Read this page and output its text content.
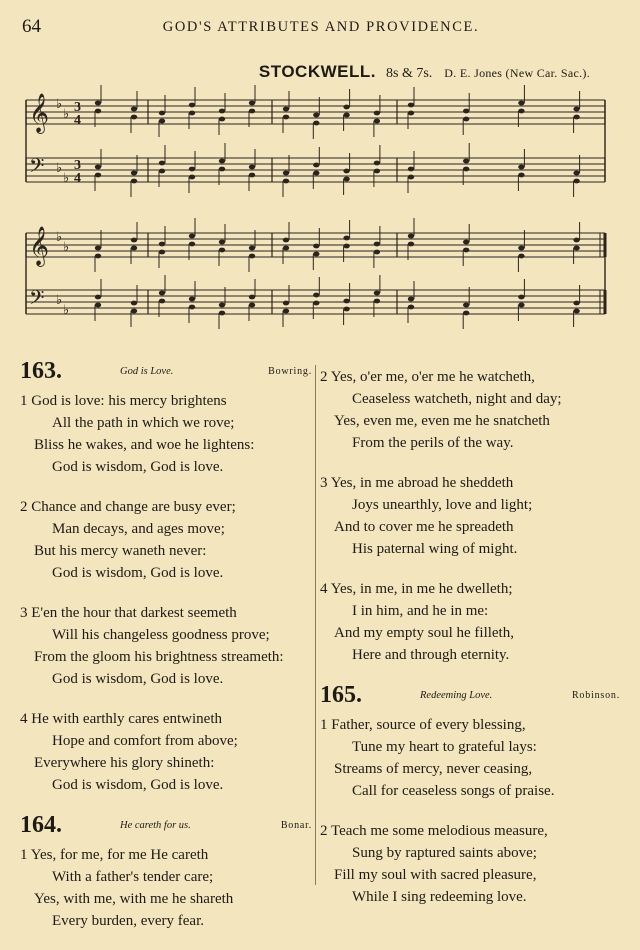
64	GOD'S ATTRIBUTES AND PROVIDENCE.
STOCKWELL. 8s & 7s. D. E. Jones (New Car. Sac.).
𝄞 ♭
♭ 3
4
𝄢 ♭
♭
3
4
𝄞 ♭
♭
𝄢 ♭
♭
163.	God is Love.	Bowring.
1 God is love: his mercy brightens
All the path in which we rove;
Bliss he wakes, and woe he lightens:
God is wisdom, God is love.
2 Chance and change are busy ever;
Man decays, and ages move;
But his mercy waneth never:
God is wisdom, God is love.
3 E'en the hour that darkest seemeth
Will his changeless goodness prove;
From the gloom his brightness streameth:
God is wisdom, God is love.
4 He with earthly cares entwineth
Hope and comfort from above;
Everywhere his glory shineth:
God is wisdom, God is love.
164.	He careth for us.	Bonar.
1 Yes, for me, for me He careth
With a father's tender care;
Yes, with me, with me he shareth
Every burden, every fear.
2 Yes, o'er me, o'er me he watcheth,
Ceaseless watcheth, night and day;
Yes, even me, even me he snatcheth
From the perils of the way.
3 Yes, in me abroad he sheddeth
Joys unearthly, love and light;
And to cover me he spreadeth
His paternal wing of might.
4 Yes, in me, in me he dwelleth;
I in him, and he in me:
And my empty soul he filleth,
Here and through eternity.
165.	Redeeming Love.	Robinson.
1 Father, source of every blessing,
Tune my heart to grateful lays:
Streams of mercy, never ceasing,
Call for ceaseless songs of praise.
2 Teach me some melodious measure,
Sung by raptured saints above;
Fill my soul with sacred pleasure,
While I sing redeeming love.
